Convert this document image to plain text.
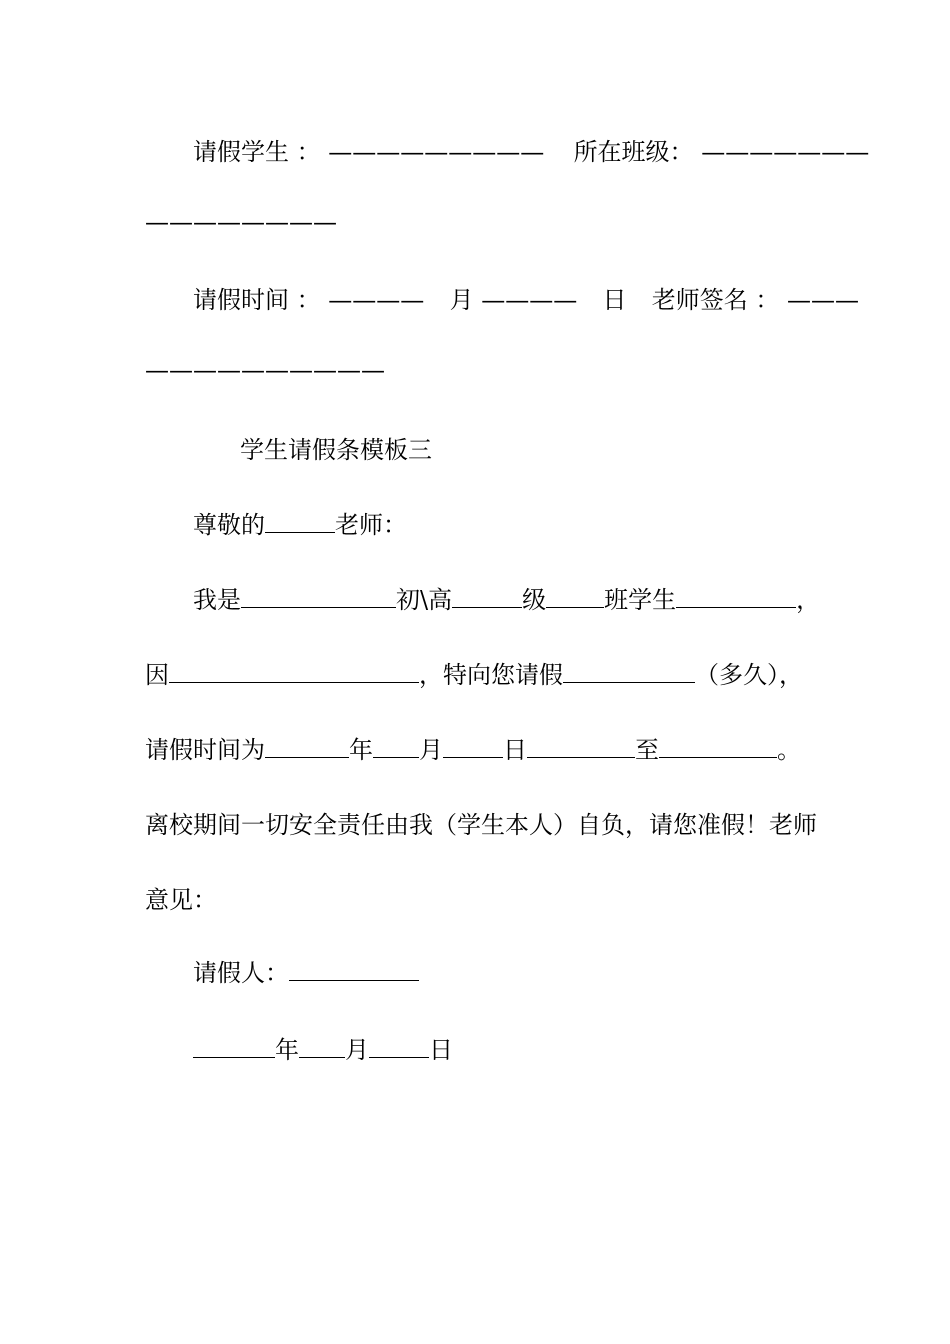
请假学生 ： ————————— 所在班级： ———————
————————
请假时间 ： ———— 月 ———— 日 老师签名 ： ———
——————————
学生请假条模板三
尊敬的	老师：
我是	初\高	级 班学生	，
因	，特向您请假	（多久），
请假时间为	年 月	日	至	。
离校期间一切安全责任由我（学生本人）自负，请您准假！老师
意见：
请假人：
年 月	日
